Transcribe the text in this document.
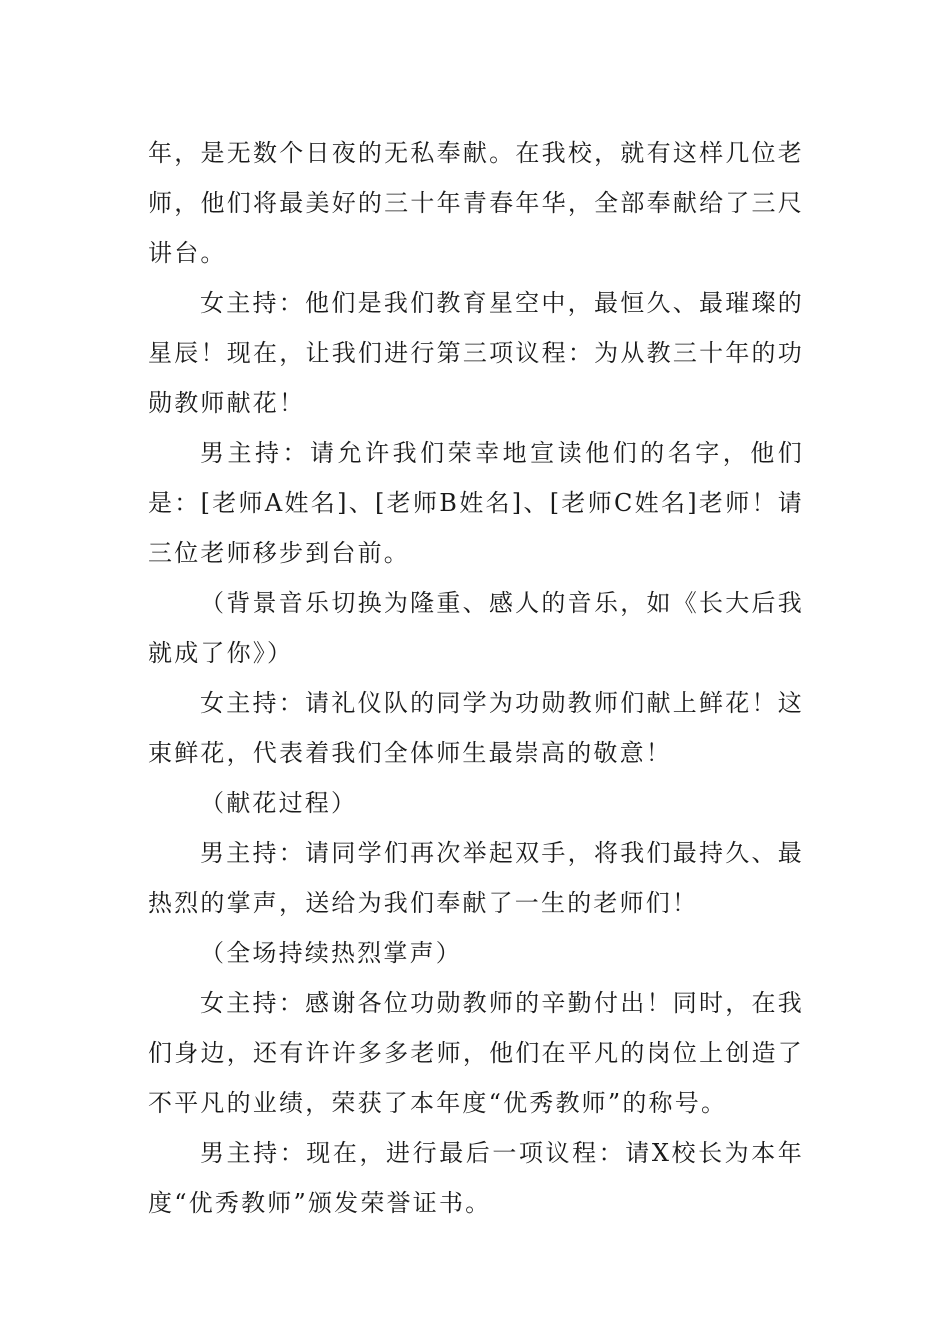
年，是无数个日夜的无私奉献。在我校，就有这样几位老师，他们将最美好的三十年青春年华，全部奉献给了三尺讲台。

女主持：他们是我们教育星空中，最恒久、最璀璨的星辰！现在，让我们进行第三项议程：为从教三十年的功勋教师献花！

男主持：请允许我们荣幸地宣读他们的名字，他们是：[老师A姓名]、[老师B姓名]、[老师C姓名]老师！请三位老师移步到台前。

（背景音乐切换为隆重、感人的音乐，如《长大后我就成了你》）

女主持：请礼仪队的同学为功勋教师们献上鲜花！这束鲜花，代表着我们全体师生最崇高的敬意！

（献花过程）

男主持：请同学们再次举起双手，将我们最持久、最热烈的掌声，送给为我们奉献了一生的老师们！

（全场持续热烈掌声）

女主持：感谢各位功勋教师的辛勤付出！同时，在我们身边，还有许许多多老师，他们在平凡的岗位上创造了不平凡的业绩，荣获了本年度“优秀教师”的称号。

男主持：现在，进行最后一项议程：请X校长为本年度“优秀教师”颁发荣誉证书。
